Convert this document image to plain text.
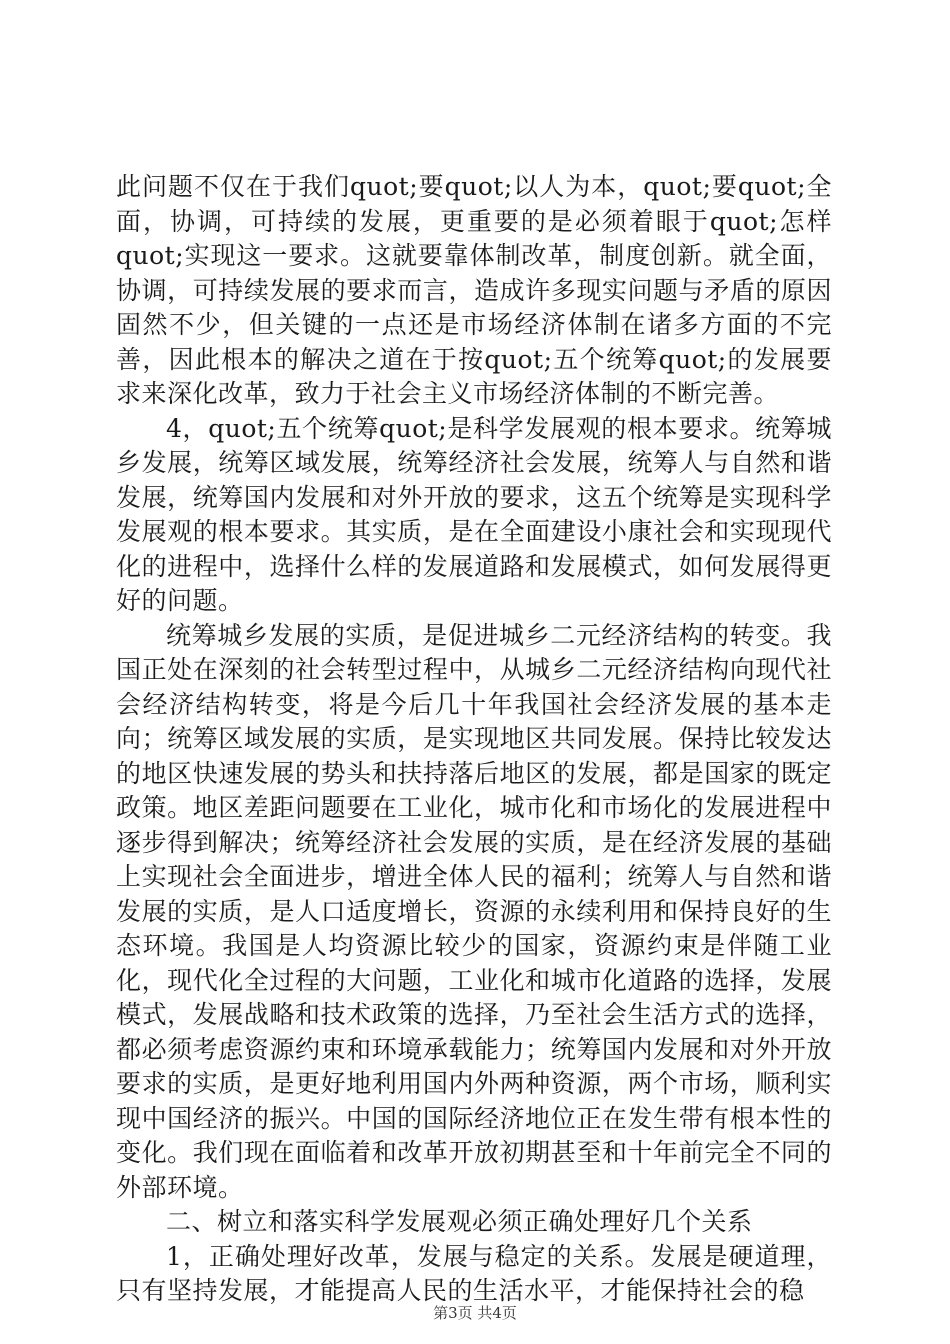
此问题不仅在于我们quot;要quot;以人为本，quot;要quot;全面，协调，可持续的发展，更重要的是必须着眼于quot;怎样quot;实现这一要求。这就要靠体制改革，制度创新。就全面，协调，可持续发展的要求而言，造成许多现实问题与矛盾的原因固然不少，但关键的一点还是市场经济体制在诸多方面的不完善，因此根本的解决之道在于按quot;五个统筹quot;的发展要求来深化改革，致力于社会主义市场经济体制的不断完善。

4，quot;五个统筹quot;是科学发展观的根本要求。统筹城乡发展，统筹区域发展，统筹经济社会发展，统筹人与自然和谐发展，统筹国内发展和对外开放的要求，这五个统筹是实现科学发展观的根本要求。其实质，是在全面建设小康社会和实现现代化的进程中，选择什么样的发展道路和发展模式，如何发展得更好的问题。

统筹城乡发展的实质，是促进城乡二元经济结构的转变。我国正处在深刻的社会转型过程中，从城乡二元经济结构向现代社会经济结构转变，将是今后几十年我国社会经济发展的基本走向；统筹区域发展的实质，是实现地区共同发展。保持比较发达的地区快速发展的势头和扶持落后地区的发展，都是国家的既定政策。地区差距问题要在工业化，城市化和市场化的发展进程中逐步得到解决；统筹经济社会发展的实质，是在经济发展的基础上实现社会全面进步，增进全体人民的福利；统筹人与自然和谐发展的实质，是人口适度增长，资源的永续利用和保持良好的生态环境。我国是人均资源比较少的国家，资源约束是伴随工业化，现代化全过程的大问题，工业化和城市化道路的选择，发展模式，发展战略和技术政策的选择，乃至社会生活方式的选择，都必须考虑资源约束和环境承载能力；统筹国内发展和对外开放要求的实质，是更好地利用国内外两种资源，两个市场，顺利实现中国经济的振兴。中国的国际经济地位正在发生带有根本性的变化。我们现在面临着和改革开放初期甚至和十年前完全不同的外部环境。

二、树立和落实科学发展观必须正确处理好几个关系

1，正确处理好改革，发展与稳定的关系。发展是硬道理，只有坚持发展，才能提高人民的生活水平，才能保持社会的稳

第3页 共4页
